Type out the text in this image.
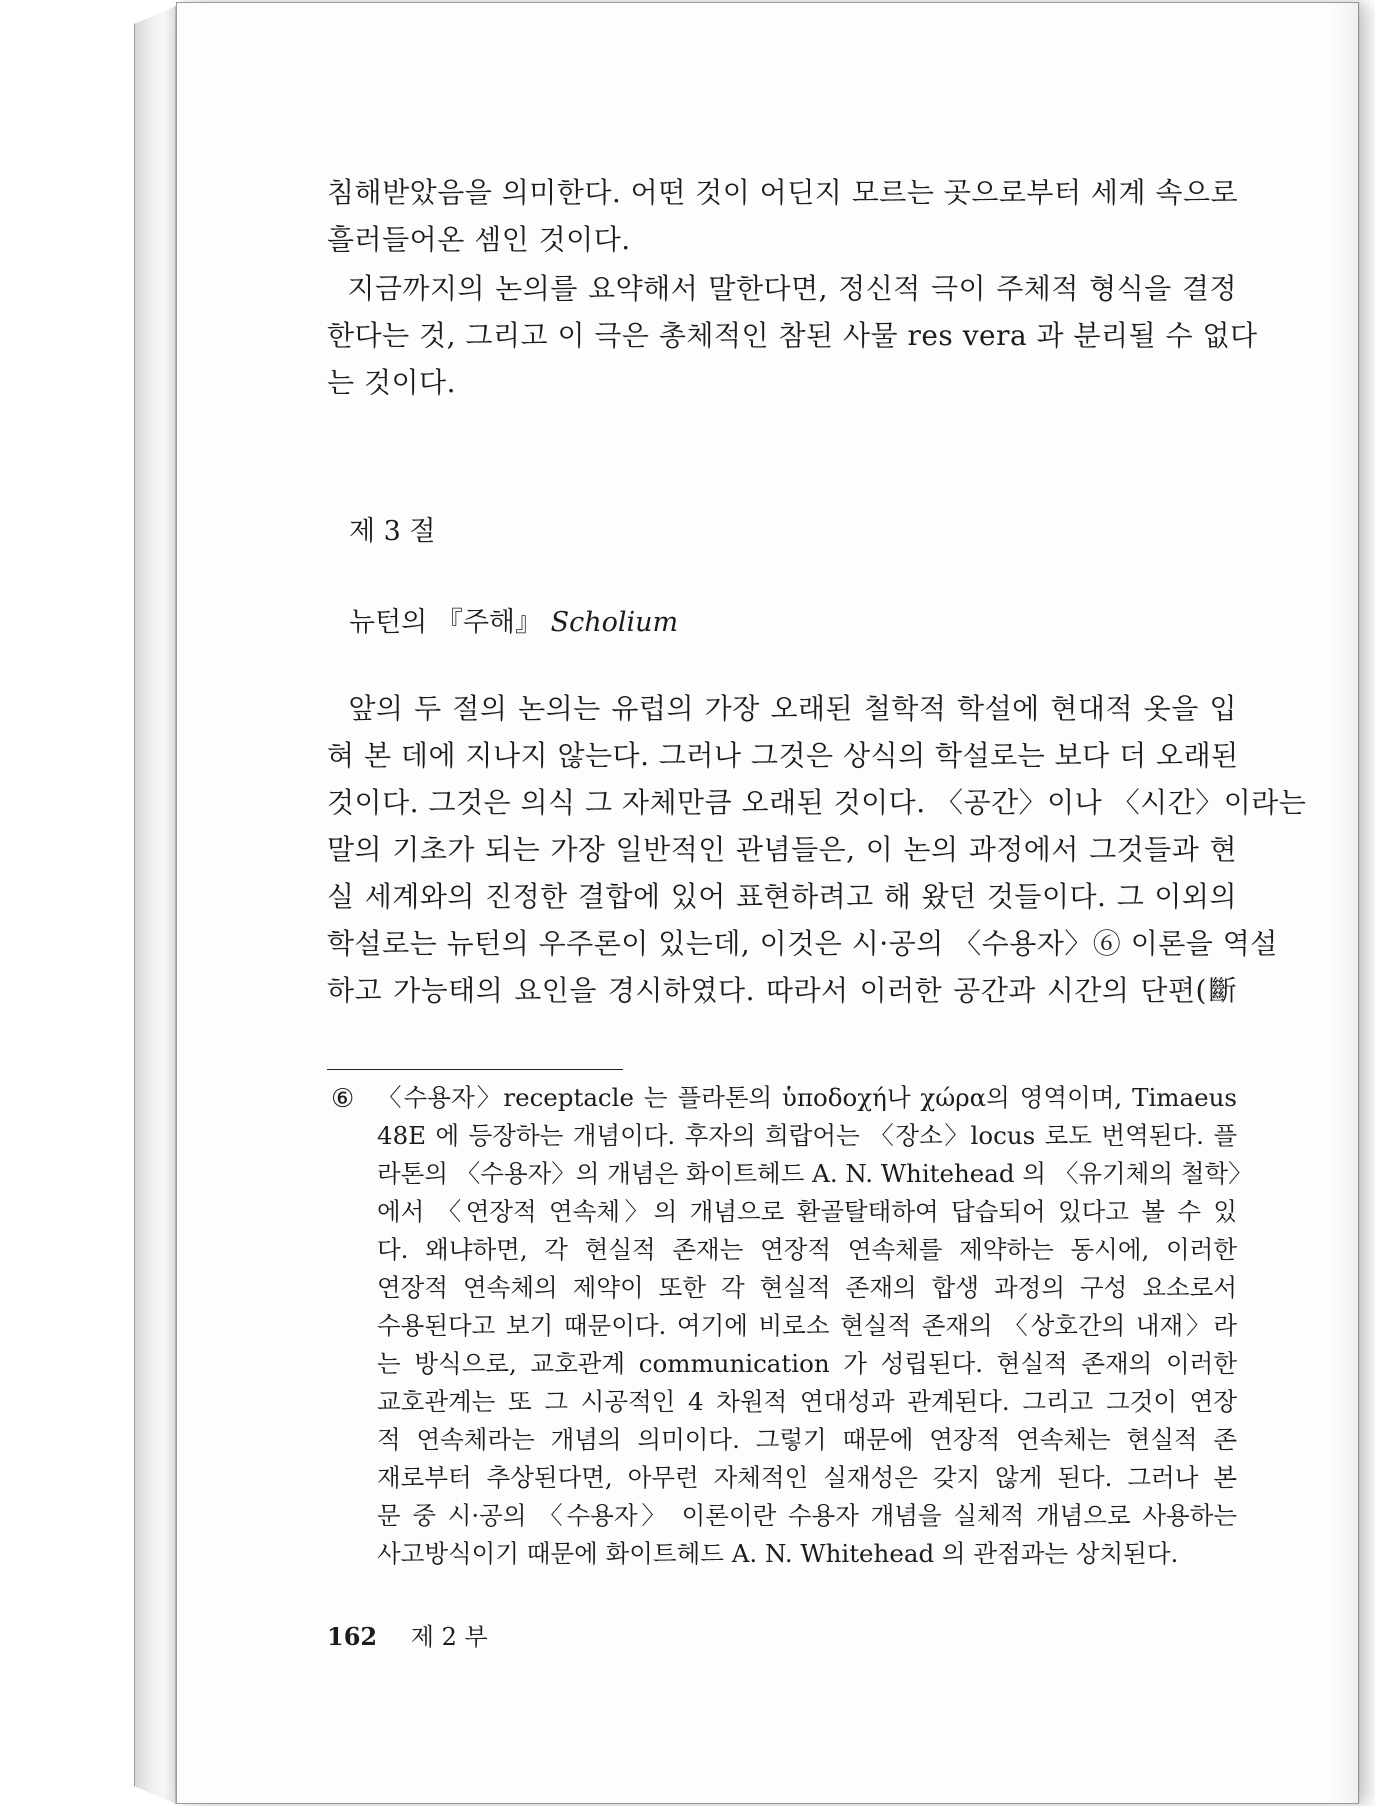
침해받았음을 의미한다. 어떤 것이 어딘지 모르는 곳으로부터 세계 속으로
흘러들어온 셈인 것이다.
지금까지의 논의를 요약해서 말한다면, 정신적 극이 주체적 형식을 결정
한다는 것, 그리고 이 극은 총체적인 참된 사물 res vera 과 분리될 수 없다
는 것이다.
제 3 절
뉴턴의 『주해』 Scholium
앞의 두 절의 논의는 유럽의 가장 오래된 철학적 학설에 현대적 옷을 입
혀 본 데에 지나지 않는다. 그러나 그것은 상식의 학설로는 보다 더 오래된
것이다. 그것은 의식 그 자체만큼 오래된 것이다. 〈공간〉이나 〈시간〉이라는
말의 기초가 되는 가장 일반적인 관념들은, 이 논의 과정에서 그것들과 현
실 세계와의 진정한 결합에 있어 표현하려고 해 왔던 것들이다. 그 이외의
학설로는 뉴턴의 우주론이 있는데, 이것은 시·공의 〈수용자〉⑥ 이론을 역설
하고 가능태의 요인을 경시하였다. 따라서 이러한 공간과 시간의 단편(斷
⑥ 〈수용자〉receptacle 는 플라톤의 ὑποδοχή나 χώρα의 영역이며, Timaeus
48E 에 등장하는 개념이다. 후자의 희랍어는 〈장소〉locus 로도 번역된다. 플
라톤의 〈수용자〉의 개념은 화이트헤드 A. N. Whitehead 의 〈유기체의 철학〉
에서 〈연장적 연속체〉의 개념으로 환골탈태하여 답습되어 있다고 볼 수 있
다. 왜냐하면, 각 현실적 존재는 연장적 연속체를 제약하는 동시에, 이러한
연장적 연속체의 제약이 또한 각 현실적 존재의 합생 과정의 구성 요소로서
수용된다고 보기 때문이다. 여기에 비로소 현실적 존재의 〈상호간의 내재〉라
는 방식으로, 교호관계 communication 가 성립된다. 현실적 존재의 이러한
교호관계는 또 그 시공적인 4 차원적 연대성과 관계된다. 그리고 그것이 연장
적 연속체라는 개념의 의미이다. 그렇기 때문에 연장적 연속체는 현실적 존
재로부터 추상된다면, 아무런 자체적인 실재성은 갖지 않게 된다. 그러나 본
문 중 시·공의 〈수용자〉 이론이란 수용자 개념을 실체적 개념으로 사용하는
사고방식이기 때문에 화이트헤드 A. N. Whitehead 의 관점과는 상치된다.
162 제 2 부
